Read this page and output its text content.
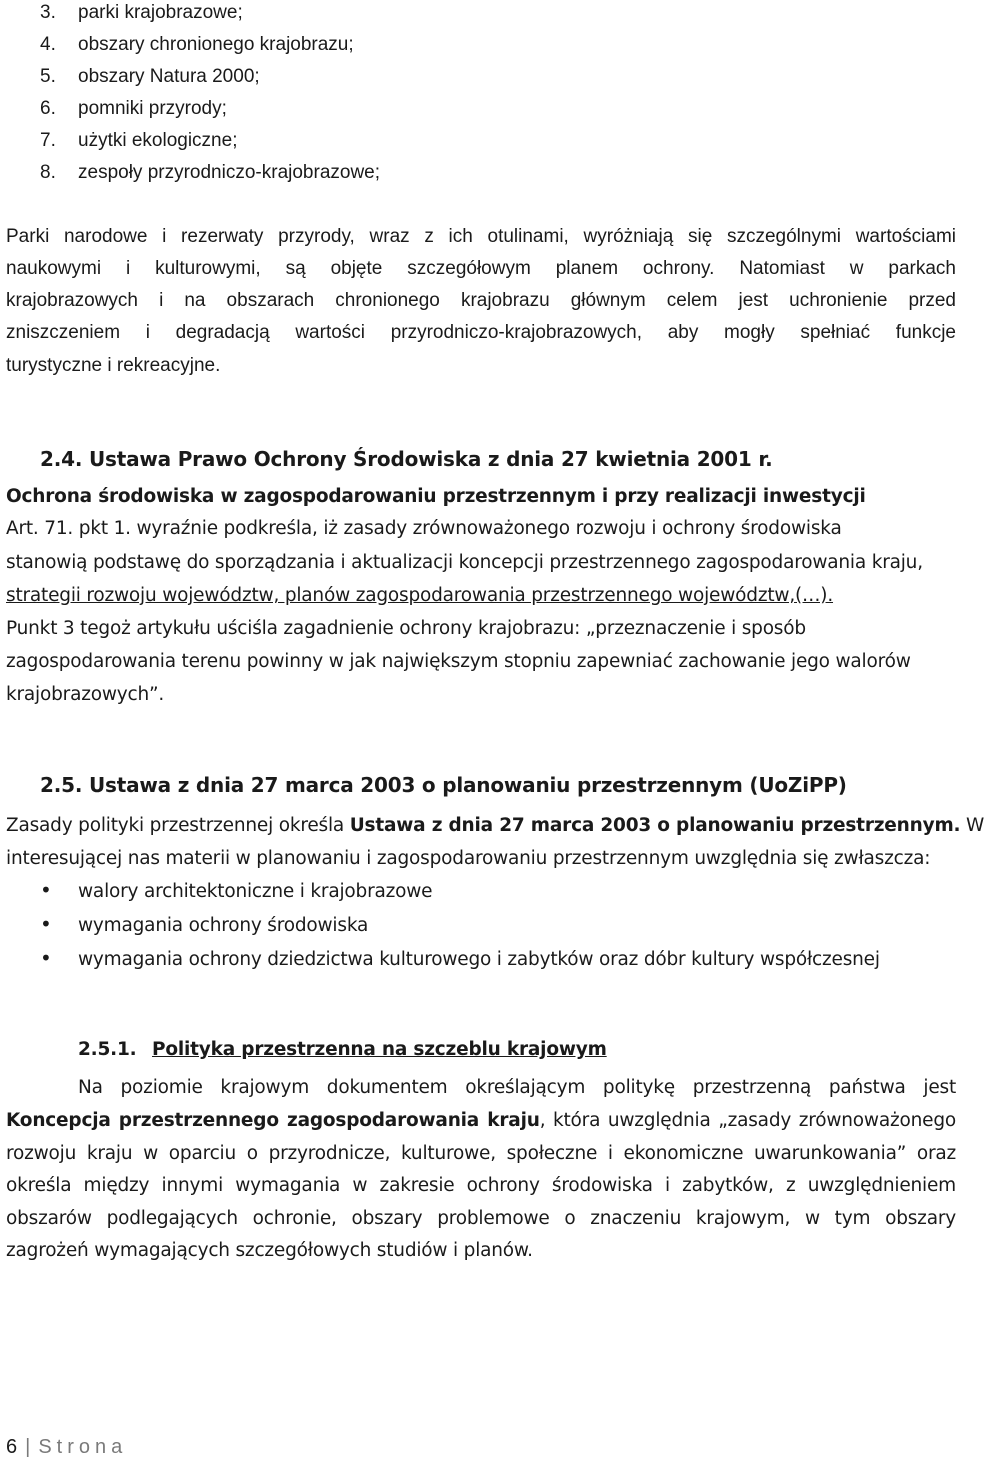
3. parki krajobrazowe;
4. obszary chronionego krajobrazu;
5. obszary Natura 2000;
6. pomniki przyrody;
7. użytki ekologiczne;
8. zespoły przyrodniczo-krajobrazowe;
Parki narodowe i rezerwaty przyrody, wraz z ich otulinami, wyróżniają się szczególnymi wartościami
naukowymi i kulturowymi, są objęte szczegółowym planem ochrony. Natomiast w parkach
krajobrazowych i na obszarach chronionego krajobrazu głównym celem jest uchronienie przed
zniszczeniem i degradacją wartości przyrodniczo-krajobrazowych, aby mogły spełniać funkcje
turystyczne i rekreacyjne.
2.4. Ustawa Prawo Ochrony Środowiska z dnia 27 kwietnia 2001 r.
Ochrona środowiska w zagospodarowaniu przestrzennym i przy realizacji inwestycji
Art. 71. pkt 1. wyraźnie podkreśla, iż zasady zrównoważonego rozwoju i ochrony środowiska
stanowią podstawę do sporządzania i aktualizacji koncepcji przestrzennego zagospodarowania kraju,
strategii rozwoju województw, planów zagospodarowania przestrzennego województw,(…).
Punkt 3 tegoż artykułu uściśla zagadnienie ochrony krajobrazu: „przeznaczenie i sposób
zagospodarowania terenu powinny w jak największym stopniu zapewniać zachowanie jego walorów
krajobrazowych”.
2.5. Ustawa z dnia 27 marca 2003 o planowaniu przestrzennym (UoZiPP)
Zasady polityki przestrzennej określa Ustawa z dnia 27 marca 2003 o planowaniu przestrzennym. W
interesującej nas materii w planowaniu i zagospodarowaniu przestrzennym uwzględnia się zwłaszcza:
• walory architektoniczne i krajobrazowe
• wymagania ochrony środowiska
• wymagania ochrony dziedzictwa kulturowego i zabytków oraz dóbr kultury współczesnej
2.5.1. Polityka przestrzenna na szczeblu krajowym
Na poziomie krajowym dokumentem określającym politykę przestrzenną państwa jest
Koncepcja przestrzennego zagospodarowania kraju, która uwzględnia „zasady zrównoważonego
rozwoju kraju w oparciu o przyrodnicze, kulturowe, społeczne i ekonomiczne uwarunkowania” oraz
określa między innymi wymagania w zakresie ochrony środowiska i zabytków, z uwzględnieniem
obszarów podlegających ochronie, obszary problemowe o znaczeniu krajowym, w tym obszary
zagrożeń wymagających szczegółowych studiów i planów.
6 | Strona
